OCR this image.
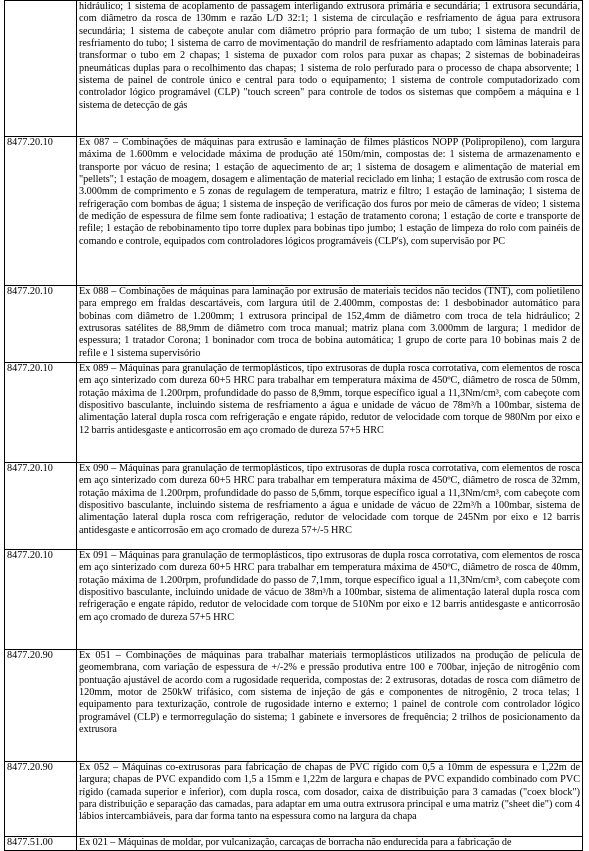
	hidráulico; 1 sistema de acoplamento de passagem interligando extrusora primária e secundária; 1 extrusora secundária, com diâmetro da rosca de 130mm e razão L/D 32:1; 1 sistema de circulação e resfriamento de água para extrusora secundária; 1 sistema de cabeçote anular com diâmetro próprio para formação de um tubo; 1 sistema de mandril de resfriamento do tubo; 1 sistema de carro de movimentação do mandril de resfriamento adaptado com lâminas laterais para transformar o tubo em 2 chapas; 1 sistema de puxador com rolos para puxar as chapas; 2 sistemas de bobinadeiras pneumáticas duplas para o recolhimento das chapas; 1 sistema de rolo perfurado para o processo de chapa absorvente; 1 sistema de painel de controle único e central para todo o equipamento; 1 sistema de controle computadorizado com controlador lógico programável (CLP) "touch screen" para controle de todos os sistemas que compõem a máquina e 1 sistema de detecção de gás
8477.20.10	Ex 087 – Combinações de máquinas para extrusão e laminação de filmes plásticos NOPP (Polipropileno), com largura máxima de 1.600mm e velocidade máxima de produção até 150m/min, compostas de: 1 sistema de armazenamento e transporte por vácuo de resina; 1 estação de aquecimento de ar; 1 sistema de dosagem e alimentação de material em "pellets"; 1 estação de moagem, dosagem e alimentação de material reciclado em linha; 1 estação de extrusão com rosca de 3.000mm de comprimento e 5 zonas de regulagem de temperatura, matriz e filtro; 1 estação de laminação; 1 sistema de refrigeração com bombas de água; 1 sistema de inspeção de verificação dos furos por meio de câmeras de vídeo; 1 sistema de medição de espessura de filme sem fonte radioativa; 1 estação de tratamento corona; 1 estação de corte e transporte de refile; 1 estação de rebobinamento tipo torre duplex para bobinas tipo jumbo; 1 estação de limpeza do rolo com painéis de comando e controle, equipados com controladores lógicos programáveis (CLP's), com supervisão por PC
8477.20.10	Ex 088 – Combinações de máquinas para laminação por extrusão de materiais tecidos não tecidos (TNT), com polietileno para emprego em fraldas descartáveis, com largura útil de 2.400mm, compostas de: 1 desbobinador automático para bobinas com diâmetro de 1.200mm; 1 extrusora principal de 152,4mm de diâmetro com troca de tela hidráulico; 2 extrusoras satélites de 88,9mm de diâmetro com troca manual; matriz plana com 3.000mm de largura; 1 medidor de espessura; 1 tratador Corona; 1 boninador com troca de bobina automática; 1 grupo de corte para 10 bobinas mais 2 de refile e 1 sistema supervisório
8477.20.10	Ex 089 – Máquinas para granulação de termoplásticos, tipo extrusoras de dupla rosca corrotativa, com elementos de rosca em aço sinterizado com dureza 60+5 HRC para trabalhar em temperatura máxima de 450ºC, diâmetro de rosca de 50mm, rotação máxima de 1.200rpm, profundidade do passo de 8,9mm, torque específico igual a 11,3Nm/cm³, com cabeçote com dispositivo basculante, incluindo sistema de resfriamento a água e unidade de vácuo de 78m³/h a 100mbar, sistema de alimentação lateral dupla rosca com refrigeração e engate rápido, redutor de velocidade com torque de 980Nm por eixo e 12 barris antidesgaste e anticorrosão em aço cromado de dureza 57+5 HRC
8477.20.10	Ex 090 – Máquinas para granulação de termoplásticos, tipo extrusoras de dupla rosca corrotativa, com elementos de rosca em aço sinterizado com dureza 60+5 HRC para trabalhar em temperatura máxima de 450ºC, diâmetro de rosca de 32mm, rotação máxima de 1.200rpm, profundidade do passo de 5,6mm, torque específico igual a 11,3Nm/cm³, com cabeçote com dispositivo basculante, incluindo sistema de resfriamento a água e unidade de vácuo de 22m³/h a 100mbar, sistema de alimentação lateral dupla rosca com refrigeração, redutor de velocidade com torque de 245Nm por eixo e 12 barris antidesgaste e anticorrosão em aço cromado de dureza 57+/-5 HRC
8477.20.10	Ex 091 – Máquinas para granulação de termoplásticos, tipo extrusoras de dupla rosca corrotativa, com elementos de rosca em aço sinterizado com dureza 60+5 HRC para trabalhar em temperatura máxima de 450ºC, diâmetro de rosca de 40mm, rotação máxima de 1.200rpm, profundidade do passo de 7,1mm, torque específico igual a 11,3Nm/cm³, com cabeçote com dispositivo basculante, incluindo unidade de vácuo de 38m³/h a 100mbar, sistema de alimentação lateral dupla rosca com refrigeração e engate rápido, redutor de velocidade com torque de 510Nm por eixo e 12 barris antidesgaste e anticorrosão em aço cromado de dureza 57+5 HRC
8477.20.90	Ex 051 – Combinações de máquinas para trabalhar materiais termoplásticos utilizados na produção de película de geomembrana, com variação de espessura de +/-2% e pressão produtiva entre 100 e 700bar, injeção de nitrogênio com pontuação ajustável de acordo com a rugosidade requerida, compostas de: 2 extrusoras, dotadas de rosca com diâmetro de 120mm, motor de 250kW trifásico, com sistema de injeção de gás e componentes de nitrogênio, 2 troca telas; 1 equipamento para texturização, controle de rugosidade interno e externo; 1 painel de controle com controlador lógico programável (CLP) e termorregulação do sistema; 1 gabinete e inversores de frequência; 2 trilhos de posicionamento da extrusora
8477.20.90	Ex 052 – Máquinas co-extrusoras para fabricação de chapas de PVC rígido com 0,5 a 10mm de espessura e 1,22m de largura; chapas de PVC expandido com 1,5 a 15mm e 1,22m de largura e chapas de PVC expandido combinado com PVC rígido (camada superior e inferior), com dupla rosca, com dosador, caixa de distribuição para 3 camadas ("coex block") para distribuição e separação das camadas, para adaptar em uma outra extrusora principal e uma matriz ("sheet die") com 4 lábios intercambiáveis, para dar forma tanto na espessura como na largura da chapa
8477.51.00	Ex 021 – Máquinas de moldar, por vulcanização, carcaças de borracha não endurecida para a fabricação de
